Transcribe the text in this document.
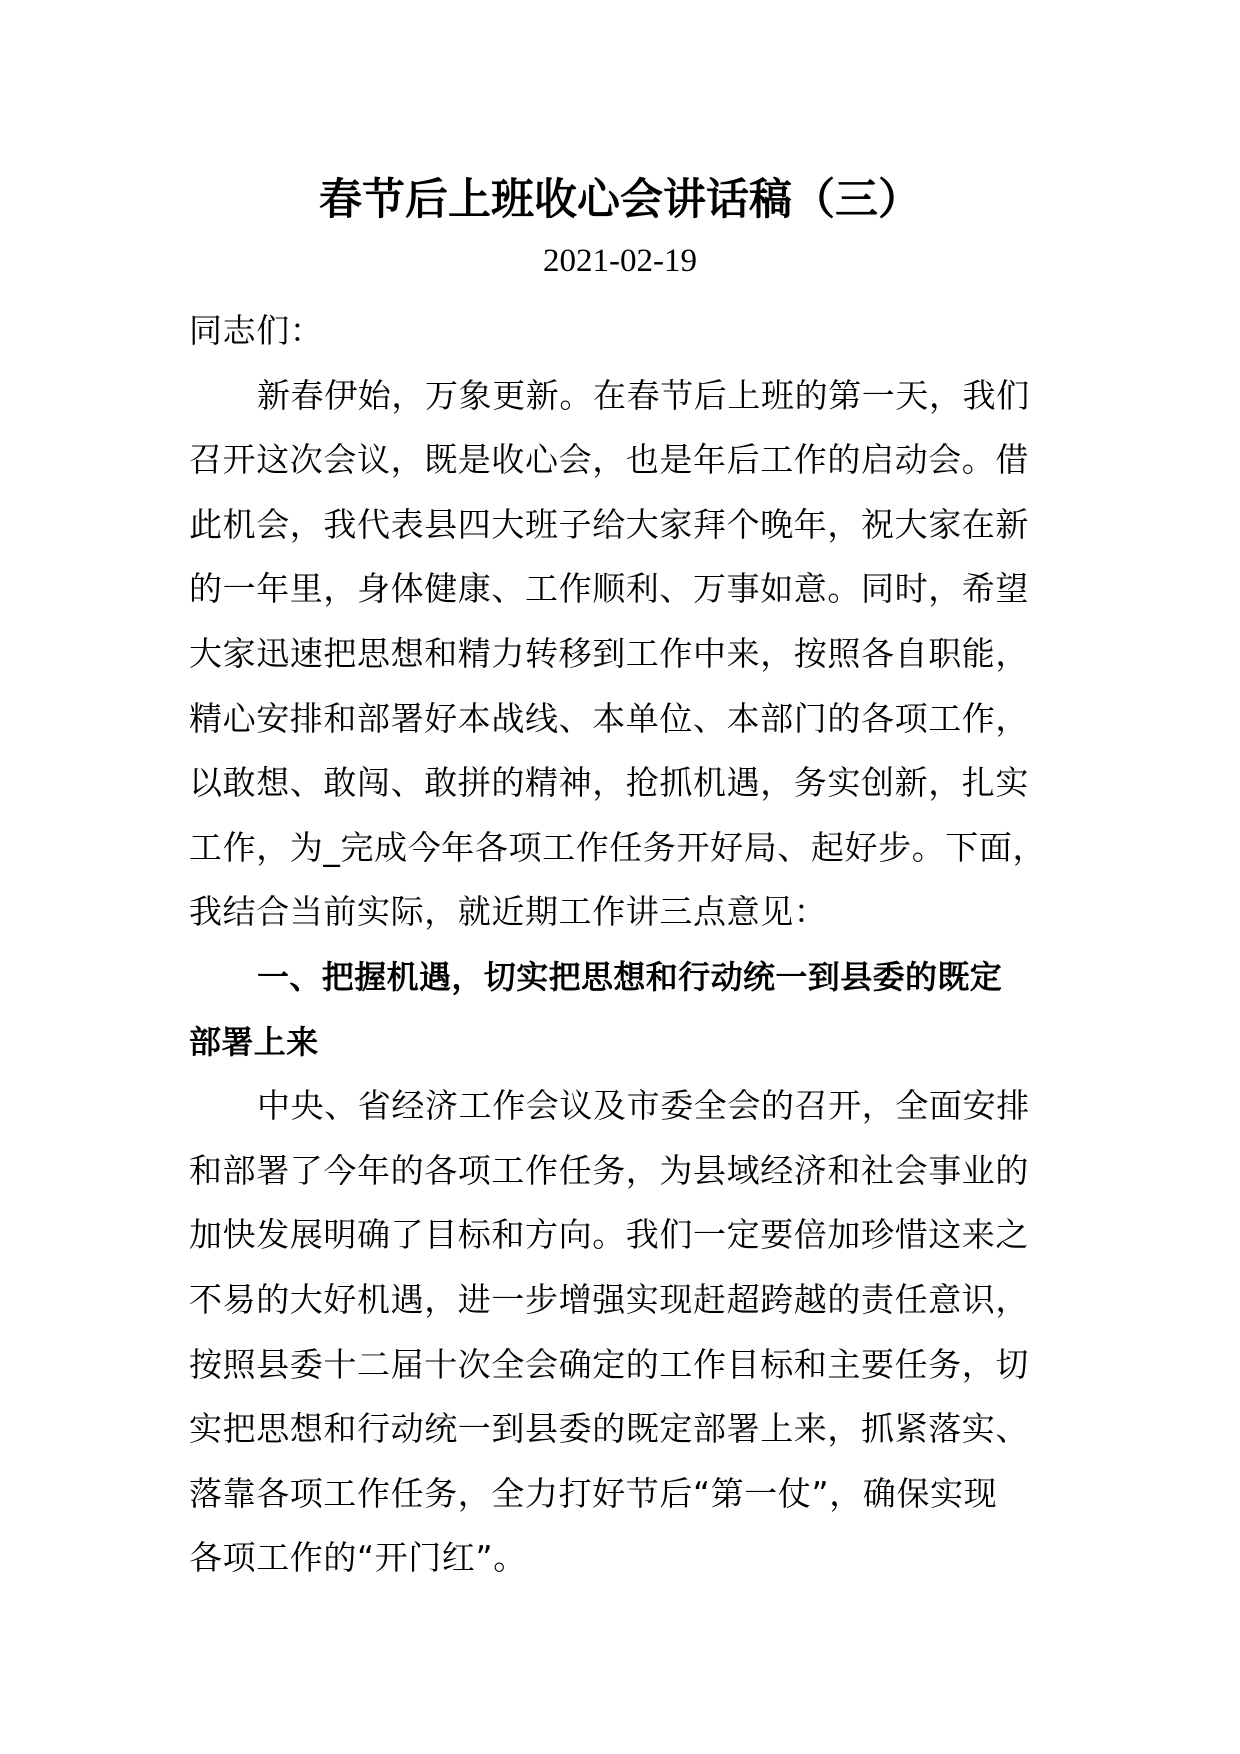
春节后上班收心会讲话稿（三）
2021-02-19
同志们：
新春伊始，万象更新。在春节后上班的第一天，我们
召开这次会议，既是收心会，也是年后工作的启动会。借
此机会，我代表县四大班子给大家拜个晚年，祝大家在新
的一年里，身体健康、工作顺利、万事如意。同时，希望
大家迅速把思想和精力转移到工作中来，按照各自职能，
精心安排和部署好本战线、本单位、本部门的各项工作，
以敢想、敢闯、敢拼的精神，抢抓机遇，务实创新，扎实
工作，为_完成今年各项工作任务开好局、起好步。下面，
我结合当前实际，就近期工作讲三点意见：
一、把握机遇，切实把思想和行动统一到县委的既定
部署上来
中央、省经济工作会议及市委全会的召开，全面安排
和部署了今年的各项工作任务，为县域经济和社会事业的
加快发展明确了目标和方向。我们一定要倍加珍惜这来之
不易的大好机遇，进一步增强实现赶超跨越的责任意识，
按照县委十二届十次全会确定的工作目标和主要任务，切
实把思想和行动统一到县委的既定部署上来，抓紧落实、
落靠各项工作任务，全力打好节后“第一仗”，确保实现
各项工作的“开门红”。
